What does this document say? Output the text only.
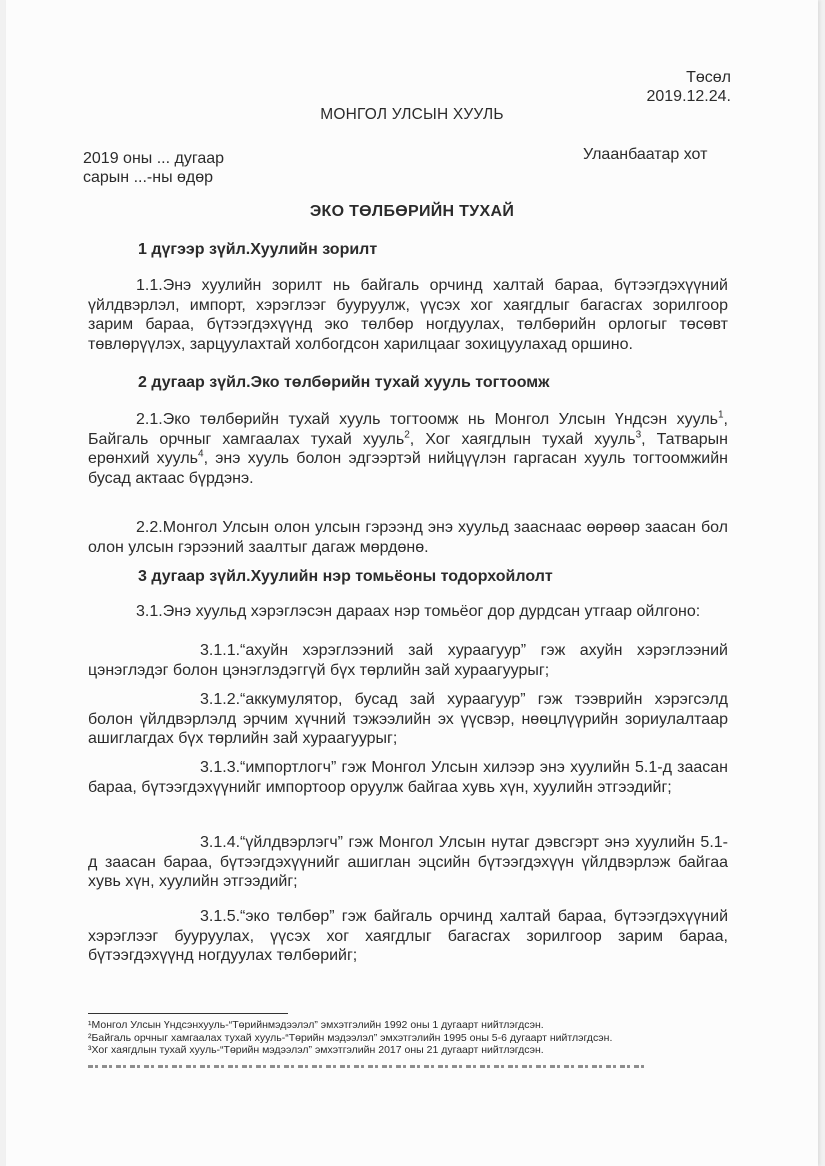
Төсөл
2019.12.24.
МОНГОЛ УЛСЫН ХУУЛЬ
2019 оны ... дугаар
сарын ...-ны өдөр
Улаанбаатар хот
ЭКО ТӨЛБӨРИЙН ТУХАЙ
1 дүгээр зүйл.Хуулийн зорилт

1.1.Энэ хуулийн зорилт нь байгаль орчинд халтай бараа, бүтээгдэхүүний үйлдвэрлэл, импорт, хэрэглээг бууруулж, үүсэх хог хаягдлыг багасгах зорилгоор зарим бараа, бүтээгдэхүүнд эко төлбөр ногдуулах, төлбөрийн орлогыг төсөвт төвлөрүүлэх, зарцуулахтай холбогдсон харилцааг зохицуулахад оршино.

2 дугаар зүйл.Эко төлбөрийн тухай хууль тогтоомж

2.1.Эко төлбөрийн тухай хууль тогтоомж нь Монгол Улсын Үндсэн хууль$^1$, Байгаль орчныг хамгаалах тухай хууль$^2$, Хог хаягдлын тухай хууль$^3$, Татварын ерөнхий хууль$^4$, энэ хууль болон эдгээртэй нийцүүлэн гаргасан хууль тогтоомжийн бусад актаас бүрдэнэ.

2.2.Монгол Улсын олон улсын гэрээнд энэ хуульд зааснаас өөрөөр заасан бол олон улсын гэрээний заалтыг дагаж мөрдөнө.

3 дугаар зүйл.Хуулийн нэр томьёоны тодорхойлолт

3.1.Энэ хуульд хэрэглэсэн дараах нэр томьёог дор дурдсан утгаар ойлгоно:

3.1.1.“ахуйн хэрэглээний зай хураагуур” гэж ахуйн хэрэглээний цэнэглэдэг болон цэнэглэдэггүй бүх төрлийн зай хураагуурыг;

3.1.2.“аккумулятор, бусад зай хураагуур” гэж тээврийн хэрэгсэлд болон үйлдвэрлэлд эрчим хүчний тэжээлийн эх үүсвэр, нөөцлүүрийн зориулалтаар ашиглагдах бүх төрлийн зай хураагуурыг;

3.1.3.“импортлогч” гэж Монгол Улсын хилээр энэ хуулийн 5.1-д заасан бараа, бүтээгдэхүүнийг импортоор оруулж байгаа хувь хүн, хуулийн этгээдийг;

3.1.4.“үйлдвэрлэгч” гэж Монгол Улсын нутаг дэвсгэрт энэ хуулийн 5.1-д заасан бараа, бүтээгдэхүүнийг ашиглан эцсийн бүтээгдэхүүн үйлдвэрлэж байгаа хувь хүн, хуулийн этгээдийг;

3.1.5.“эко төлбөр” гэж байгаль орчинд халтай бараа, бүтээгдэхүүний хэрэглээг бууруулах, үүсэх хог хаягдлыг багасгах зорилгоор зарим бараа, бүтээгдэхүүнд ногдуулах төлбөрийг;

¹Монгол Улсын Үндсэнхууль-“Төрийнмэдээлэл” эмхэтгэлийн 1992 оны 1 дугаарт нийтлэгдсэн.

²Байгаль орчныг хамгаалах тухай хууль-“Төрийн мэдээлэл” эмхэтгэлийн 1995 оны 5-6 дугаарт нийтлэгдсэн.

³Хог хаягдлын тухай хууль-“Төрийн мэдээлэл” эмхэтгэлийн 2017 оны 21 дугаарт нийтлэгдсэн.
